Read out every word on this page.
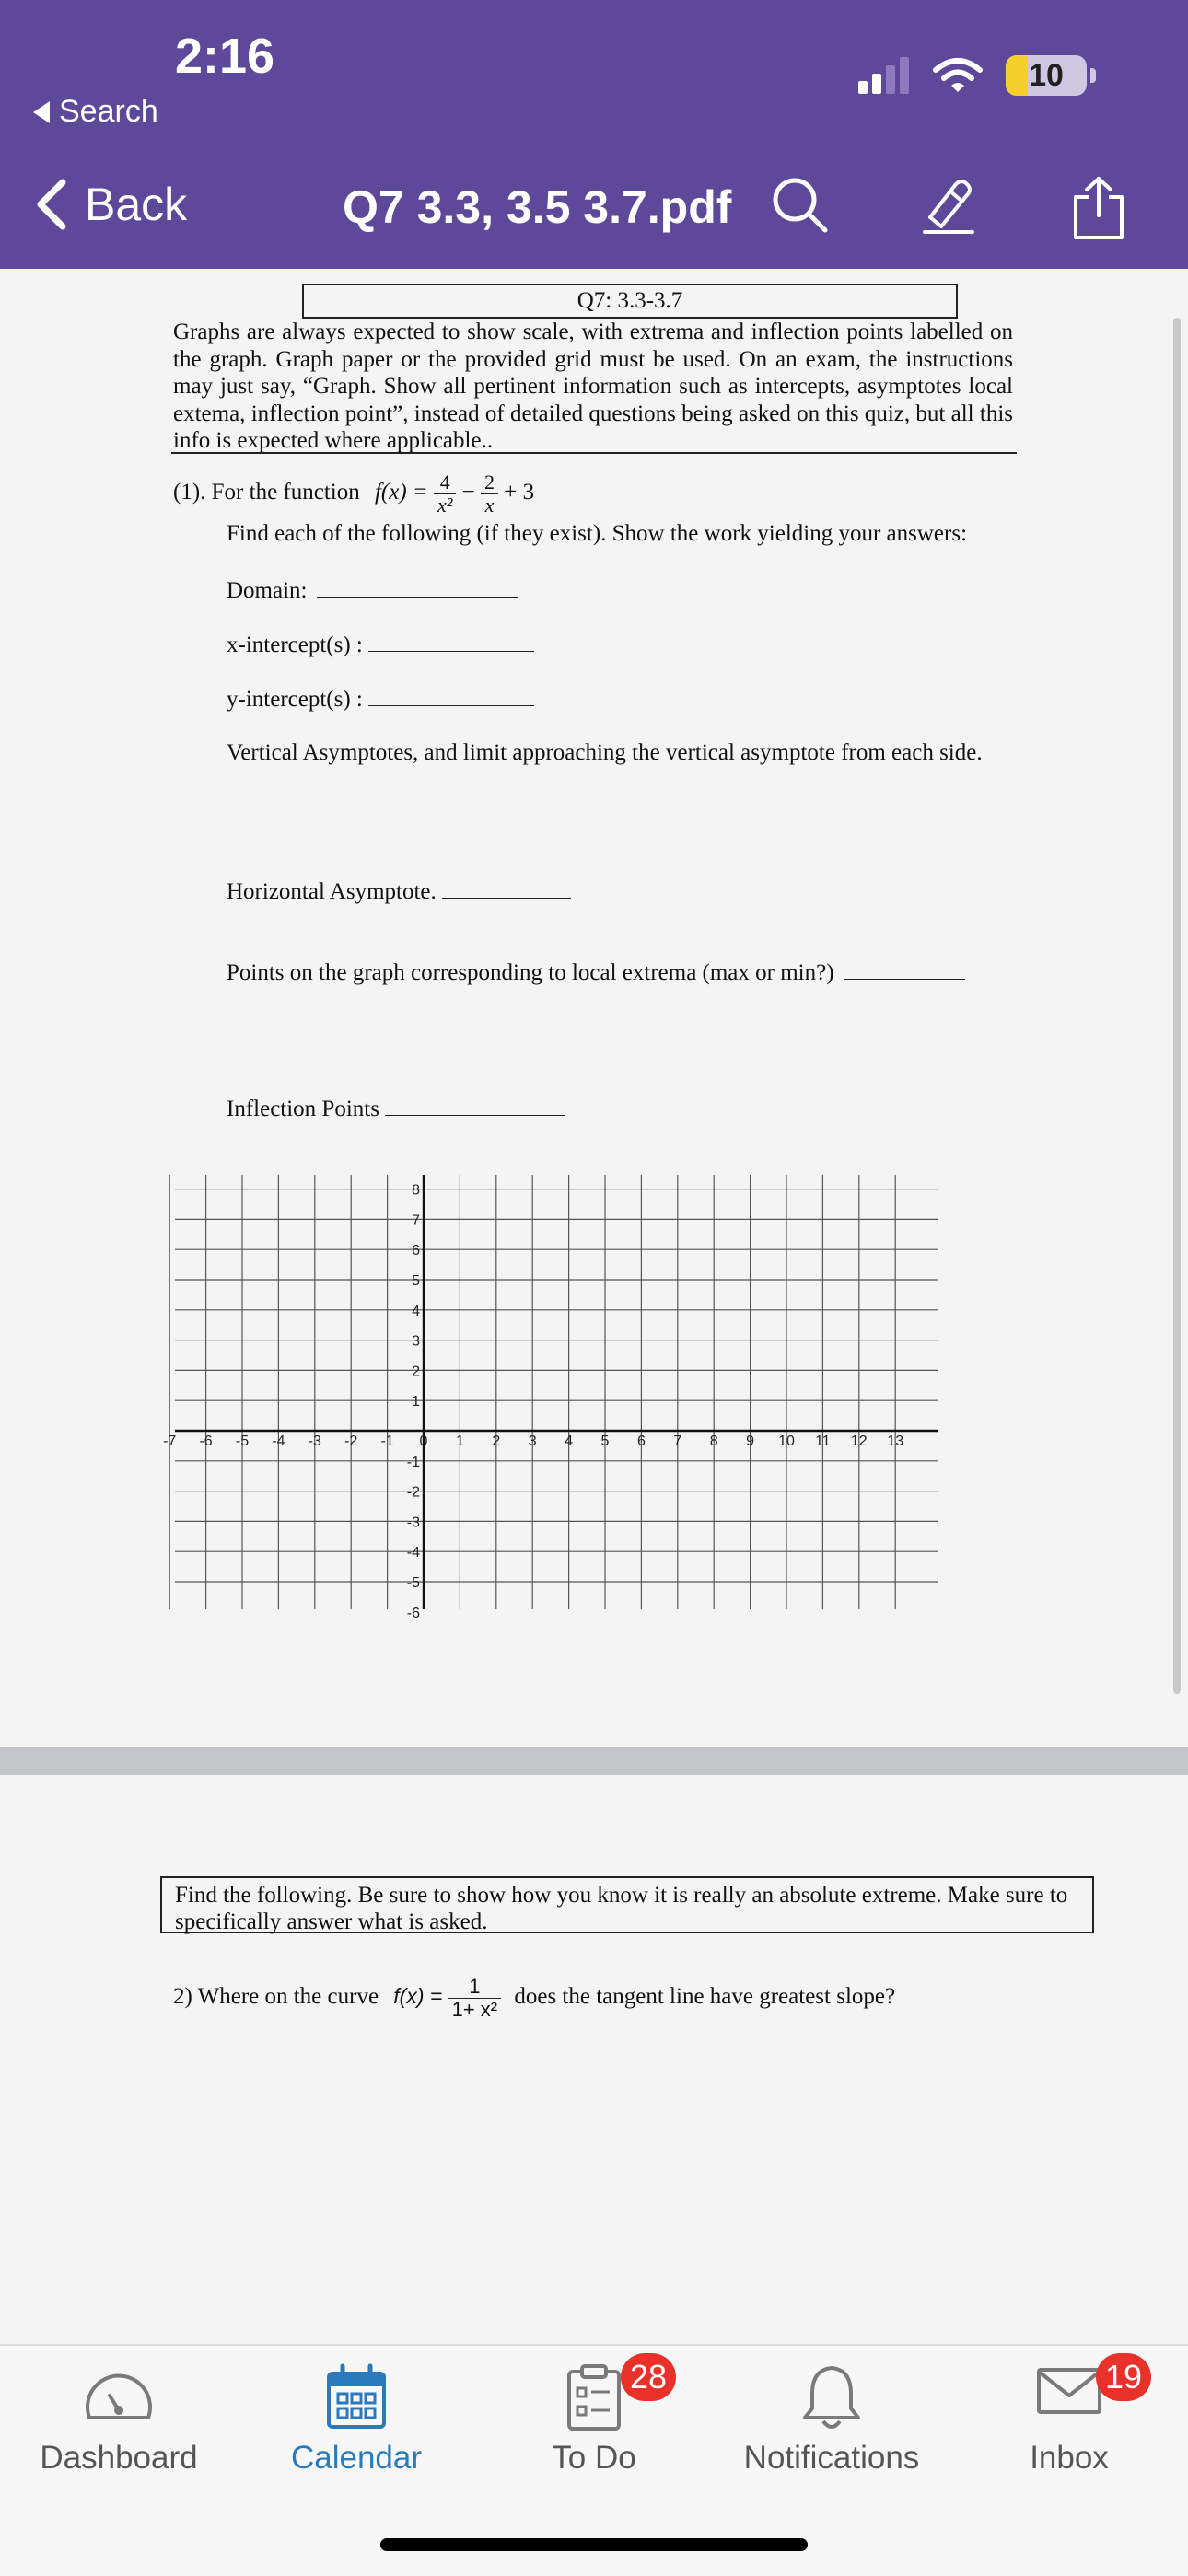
2:16
Search
10
Back	Q7 3.3, 3.5 3.7.pdf
Q7: 3.3-3.7
Graphs are always expected to show scale, with extrema and inflection points labelled on the graph. Graph paper or the provided grid must be used. On an exam, the instructions may just say, “Graph. Show all pertinent information such as intercepts, asymptotes local extema, inflection point”, instead of detailed questions being asked on this quiz, but all this info is expected where applicable..
(1). For the function $f(x) = \frac{4}{\text{x²}} - \frac{2}{x} + 3$
Find each of the following (if they exist). Show the work yielding your answers:
Domain:
x-intercept(s) :
y-intercept(s) :
Vertical Asymptotes, and limit approaching the vertical asymptote from each side.
Horizontal Asymptote.
Points on the graph corresponding to local extrema (max or min?)
Inflection Points
-7 -6 -5 -4 -3 -2 -1 0 1 2 3 4 5 6 7 8 9 10 11 12 13
8
7
6
5
4
3
2
1
-1
-2
-3
-4
-5
-6
Find the following. Be sure to show how you know it is really an absolute extreme. Make sure to specifically answer what is asked.
2) Where on the curve $f(x) = \frac{1}{\text{1+ x²}}$ does the tangent line have greatest slope?
Dashboard	Calendar
28
To Do	Notifications
19
Inbox
